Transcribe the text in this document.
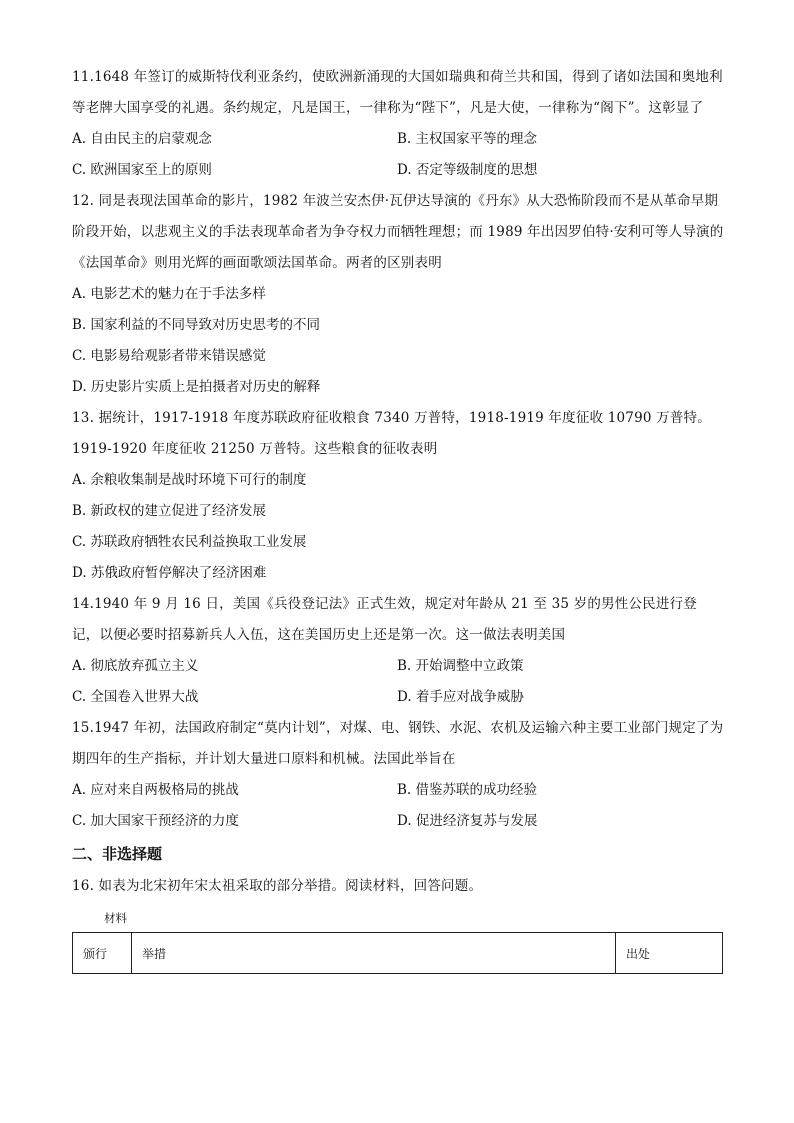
11.1648 年签订的威斯特伐利亚条约，使欧洲新涌现的大国如瑞典和荷兰共和国，得到了诸如法国和奥地利等老牌大国享受的礼遇。条约规定，凡是国王，一律称为“陛下”，凡是大使，一律称为“阁下”。这彰显了

A. 自由民主的启蒙观念	B. 主权国家平等的理念

C. 欧洲国家至上的原则	D. 否定等级制度的思想

12. 同是表现法国革命的影片，1982 年波兰安杰伊·瓦伊达导演的《丹东》从大恐怖阶段而不是从革命早期阶段开始，以悲观主义的手法表现革命者为争夺权力而牺牲理想；而 1989 年出因罗伯特·安利可等人导演的《法国革命》则用光辉的画面歌颂法国革命。两者的区别表明

A. 电影艺术的魅力在于手法多样

B. 国家利益的不同导致对历史思考的不同

C. 电影易给观影者带来错误感觉

D. 历史影片实质上是拍摄者对历史的解释

13. 据统计，1917-1918 年度苏联政府征收粮食 7340 万普特，1918-1919 年度征收 10790 万普特。1919-1920 年度征收 21250 万普特。这些粮食的征收表明

A. 余粮收集制是战时环境下可行的制度

B. 新政权的建立促进了经济发展

C. 苏联政府牺牲农民利益换取工业发展

D. 苏俄政府暂停解决了经济困难

14.1940 年 9 月 16 日，美国《兵役登记法》正式生效，规定对年龄从 21 至 35 岁的男性公民进行登记，以便必要时招募新兵人入伍，这在美国历史上还是第一次。这一做法表明美国

A. 彻底放弃孤立主义	B. 开始调整中立政策

C. 全国卷入世界大战	D. 着手应对战争威胁

15.1947 年初，法国政府制定“莫内计划”，对煤、电、钢铁、水泥、农机及运输六种主要工业部门规定了为期四年的生产指标，并计划大量进口原料和机械。法国此举旨在

A. 应对来自两极格局的挑战	B. 借鉴苏联的成功经验

C. 加大国家干预经济的力度	D. 促进经济复苏与发展

二、非选择题

16. 如表为北宋初年宋太祖采取的部分举措。阅读材料，回答问题。

材料
颁行	举措	出处
